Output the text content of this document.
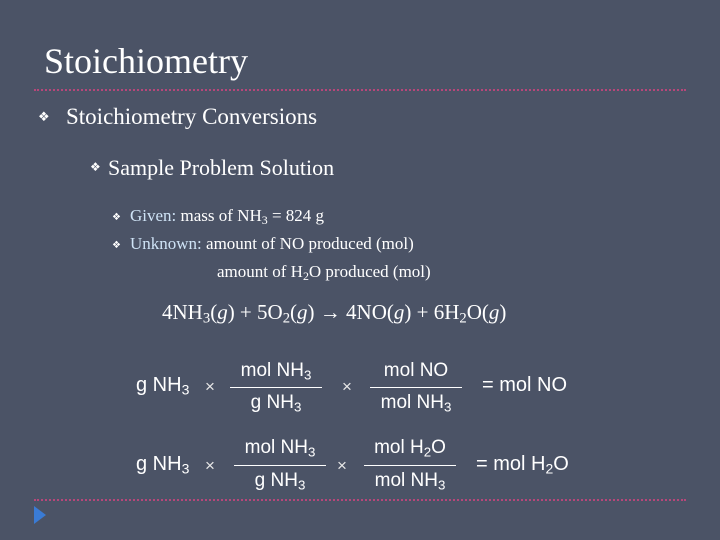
Stoichiometry
❖ Stoichiometry Conversions
❖ Sample Problem Solution
❖ Given: mass of $NH_3 = 824$ g
❖ Unknown: amount of NO produced (mol)
amount of $H_2O$ produced (mol)
$4NH_3(g) + 5O_2(g) \to 4NO(g) + 6H_2O(g)$
g $NH_3$ ×
mol $NH_3$
g $NH_3$
×
mol NO
mol $NH_3$
= mol NO
g $NH_3$ ×
mol $NH_3$
g $NH_3$
×
mol $H_2O$
mol $NH_3$
= mol $H_2O$
